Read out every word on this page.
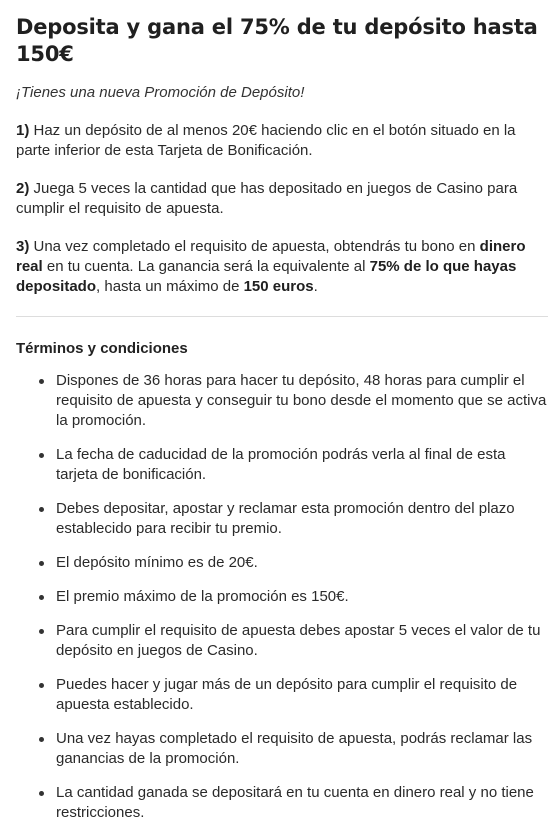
Deposita y gana el 75% de tu depósito hasta 150€

¡Tienes una nueva Promoción de Depósito!

1) Haz un depósito de al menos 20€ haciendo clic en el botón situado en la parte inferior de esta Tarjeta de Bonificación.

2) Juega 5 veces la cantidad que has depositado en juegos de Casino para cumplir el requisito de apuesta.

3) Una vez completado el requisito de apuesta, obtendrás tu bono en dinero real en tu cuenta. La ganancia será la equivalente al 75% de lo que hayas depositado, hasta un máximo de 150 euros.

Términos y condiciones
Dispones de 36 horas para hacer tu depósito, 48 horas para cumplir el requisito de apuesta y conseguir tu bono desde el momento que se activa la promoción.
La fecha de caducidad de la promoción podrás verla al final de esta tarjeta de bonificación.
Debes depositar, apostar y reclamar esta promoción dentro del plazo establecido para recibir tu premio.
El depósito mínimo es de 20€.
El premio máximo de la promoción es 150€.
Para cumplir el requisito de apuesta debes apostar 5 veces el valor de tu depósito en juegos de Casino.
Puedes hacer y jugar más de un depósito para cumplir el requisito de apuesta establecido.
Una vez hayas completado el requisito de apuesta, podrás reclamar las ganancias de la promoción.
La cantidad ganada se depositará en tu cuenta en dinero real y no tiene restricciones.
